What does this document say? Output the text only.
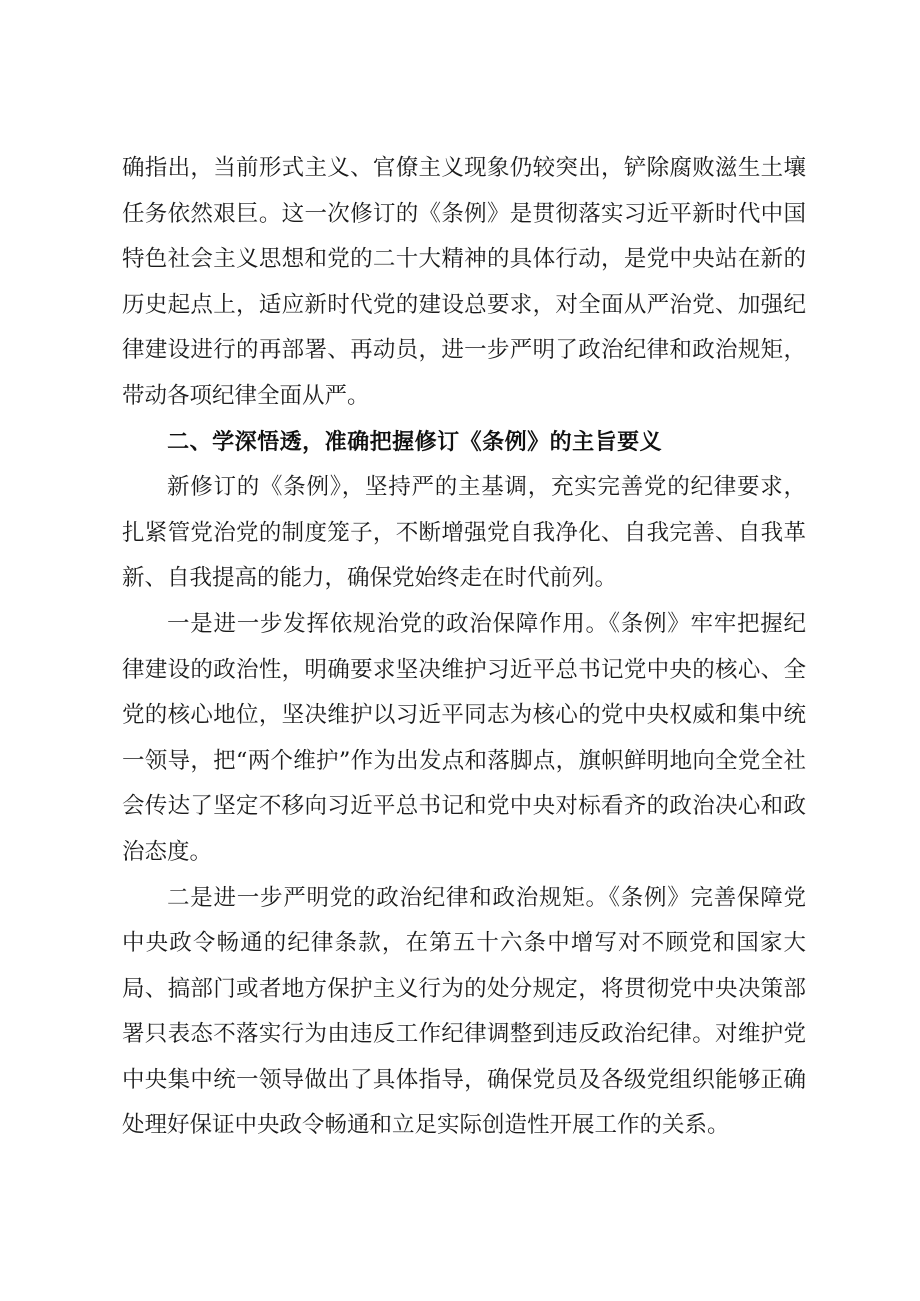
确指出，当前形式主义、官僚主义现象仍较突出，铲除腐败滋生土壤任务依然艰巨。这一次修订的《条例》是贯彻落实习近平新时代中国特色社会主义思想和党的二十大精神的具体行动，是党中央站在新的历史起点上，适应新时代党的建设总要求，对全面从严治党、加强纪律建设进行的再部署、再动员，进一步严明了政治纪律和政治规矩，带动各项纪律全面从严。

二、学深悟透，准确把握修订《条例》的主旨要义

新修订的《条例》，坚持严的主基调，充实完善党的纪律要求，扎紧管党治党的制度笼子，不断增强党自我净化、自我完善、自我革新、自我提高的能力，确保党始终走在时代前列。

一是进一步发挥依规治党的政治保障作用。《条例》牢牢把握纪律建设的政治性，明确要求坚决维护习近平总书记党中央的核心、全党的核心地位，坚决维护以习近平同志为核心的党中央权威和集中统一领导，把“两个维护”作为出发点和落脚点，旗帜鲜明地向全党全社会传达了坚定不移向习近平总书记和党中央对标看齐的政治决心和政治态度。

二是进一步严明党的政治纪律和政治规矩。《条例》完善保障党中央政令畅通的纪律条款，在第五十六条中增写对不顾党和国家大局、搞部门或者地方保护主义行为的处分规定，将贯彻党中央决策部署只表态不落实行为由违反工作纪律调整到违反政治纪律。对维护党中央集中统一领导做出了具体指导，确保党员及各级党组织能够正确处理好保证中央政令畅通和立足实际创造性开展工作的关系。
